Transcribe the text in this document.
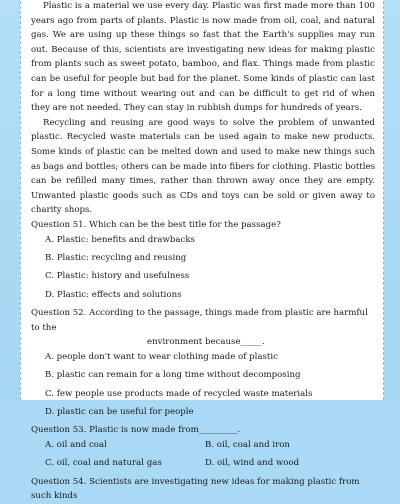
Plastic is a material we use every day. Plastic was first made more than 100 years ago from parts of plants. Plastic is now made from oil, coal, and natural gas. We are using up these things so fast that the Earth's supplies may run out. Because of this, scientists are investigating new ideas for making plastic from plants such as sweet potato, bamboo, and flax. Things made from plastic can be useful for people but bad for the planet. Some kinds of plastic can last for a long time without wearing out and can be difficult to get rid of when they are not needed. They can stay in rubbish dumps for hundreds of years.

Recycling and reusing are good ways to solve the problem of unwanted plastic. Recycled waste materials can be used again to make new products. Some kinds of plastic can be melted down and used to make new things such as bags and bottles; others can be made into fibers for clothing. Plastic bottles can be refilled many times, rather than thrown away once they are empty. Unwanted plastic goods such as CDs and toys can be sold or given away to charity shops.

Question 51. Which can be the best title for the passage?

A. Plastic: benefits and drawbacks

B. Plastic: recycling and reusing

C. Plastic: history and usefulness

D. Plastic: effects and solutions

Question 52. According to the passage, things made from plastic are harmful to the
environment because_____.

A. people don't want to wear clothing made of plastic

B. plastic can remain for a long time without decomposing

C. few people use products made of recycled waste materials

D. plastic can be useful for people

Question 53. Plastic is now made from_________.

A. oil and coal	B. oil, coal and iron
C. oil, coal and natural gas	D. oil, wind and wood

Question 54. Scientists are investigating new ideas for making plastic from such kinds
